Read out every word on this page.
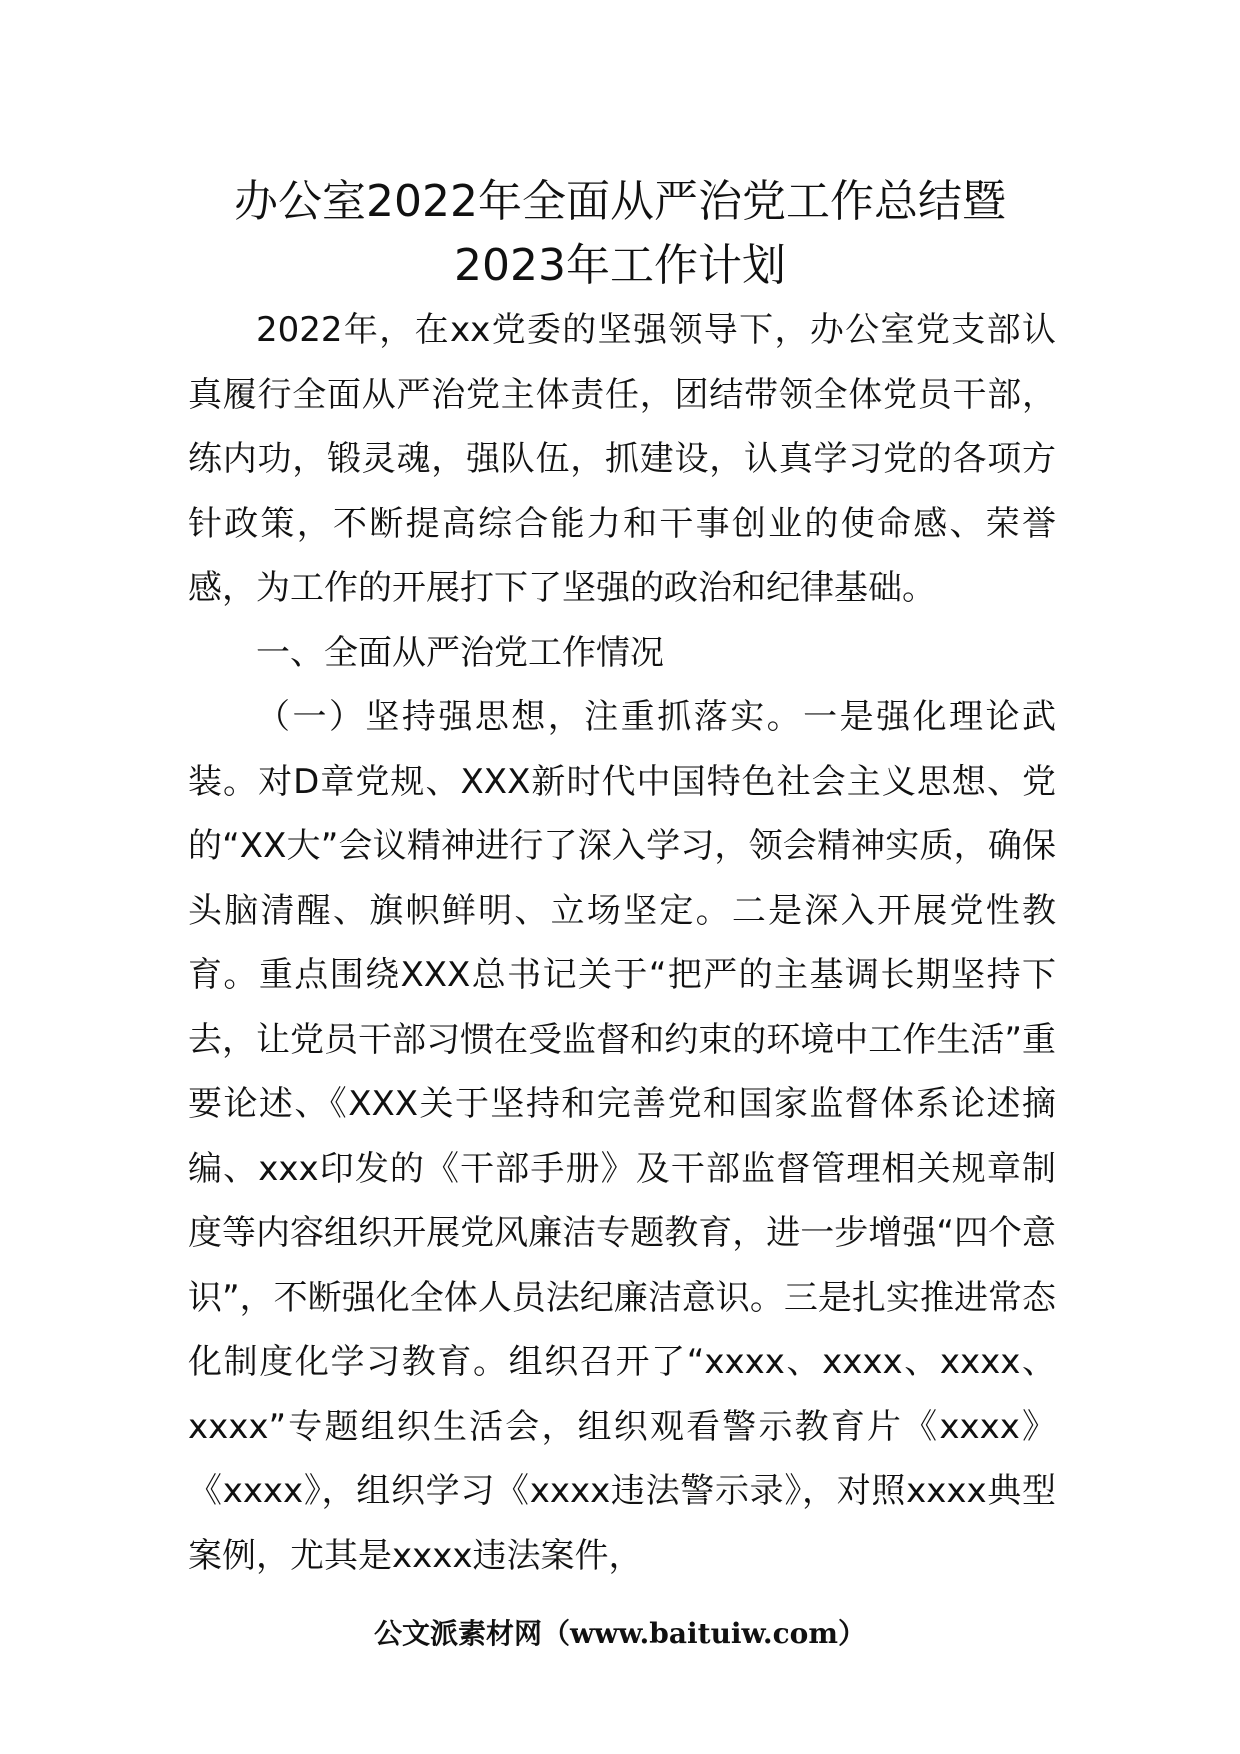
办公室2022年全面从严治党工作总结暨
2023年工作计划

2022年，在xx党委的坚强领导下，办公室党支部认真履行全面从严治党主体责任，团结带领全体党员干部，练内功，锻灵魂，强队伍，抓建设，认真学习党的各项方针政策，不断提高综合能力和干事创业的使命感、荣誉感，为工作的开展打下了坚强的政治和纪律基础。

一、全面从严治党工作情况

（一）坚持强思想，注重抓落实。一是强化理论武装。对D章党规、XXX新时代中国特色社会主义思想、党的“XX大”会议精神进行了深入学习，领会精神实质，确保头脑清醒、旗帜鲜明、立场坚定。二是深入开展党性教育。重点围绕XXX总书记关于“把严的主基调长期坚持下去，让党员干部习惯在受监督和约束的环境中工作生活”重要论述、《XXX关于坚持和完善党和国家监督体系论述摘编、xxx印发的《干部手册》及干部监督管理相关规章制度等内容组织开展党风廉洁专题教育，进一步增强“四个意识”，不断强化全体人员法纪廉洁意识。三是扎实推进常态化制度化学习教育。组织召开了“xxxx、xxxx、xxxx、xxxx”专题组织生活会，组织观看警示教育片《xxxx》《xxxx》，组织学习《xxxx违法警示录》，对照xxxx典型案例，尤其是xxxx违法案件，

公文派素材网（www.baituiw.com）
